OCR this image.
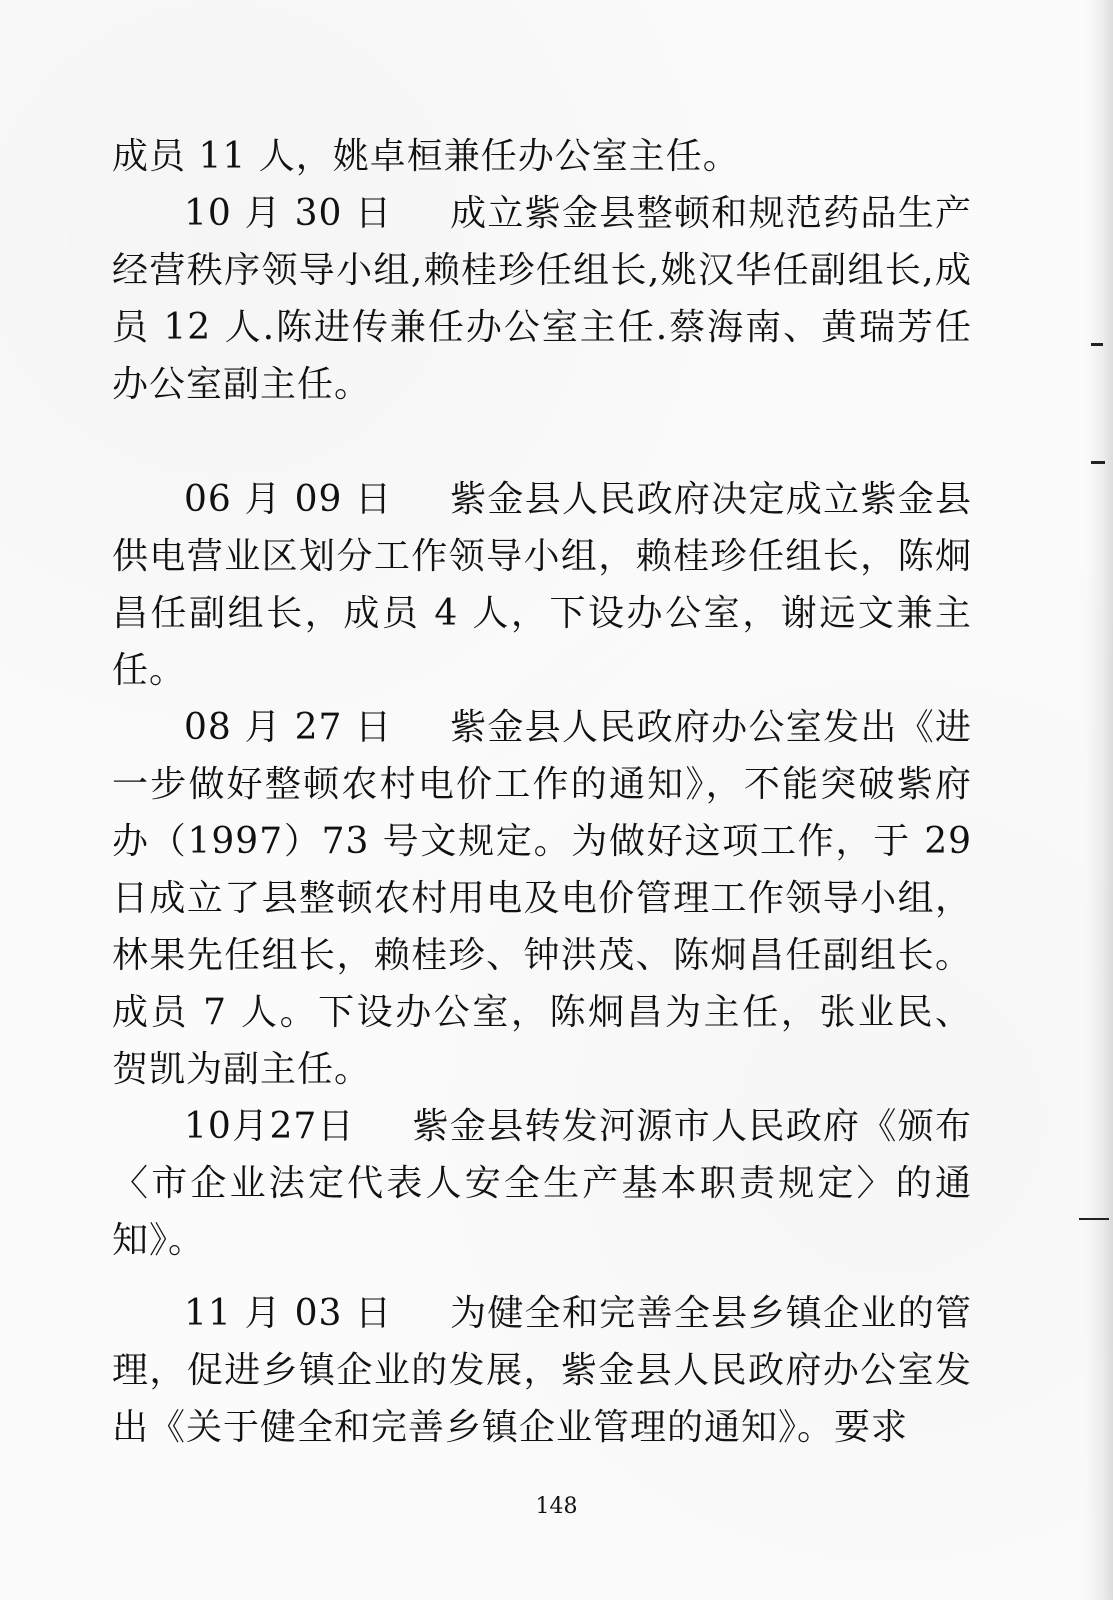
成员 11 人，姚卓桓兼任办公室主任。

10 月 30 日 成立紫金县整顿和规范药品生产经营秩序领导小组,赖桂珍任组长,姚汉华任副组长,成员 12 人.陈进传兼任办公室主任.蔡海南、黄瑞芳任办公室副主任。

06 月 09 日 紫金县人民政府决定成立紫金县供电营业区划分工作领导小组，赖桂珍任组长，陈炯昌任副组长，成员 4 人，下设办公室，谢远文兼主任。

08 月 27 日 紫金县人民政府办公室发出《进一步做好整顿农村电价工作的通知》，不能突破紫府办（1997）73 号文规定。为做好这项工作，于 29 日成立了县整顿农村用电及电价管理工作领导小组，林果先任组长，赖桂珍、钟洪茂、陈炯昌任副组长。成员 7 人。下设办公室，陈炯昌为主任，张业民、贺凯为副主任。

10月27日 紫金县转发河源市人民政府《颁布〈市企业法定代表人安全生产基本职责规定〉的通知》。

11 月 03 日 为健全和完善全县乡镇企业的管理，促进乡镇企业的发展，紫金县人民政府办公室发出《关于健全和完善乡镇企业管理的通知》。要求

148
